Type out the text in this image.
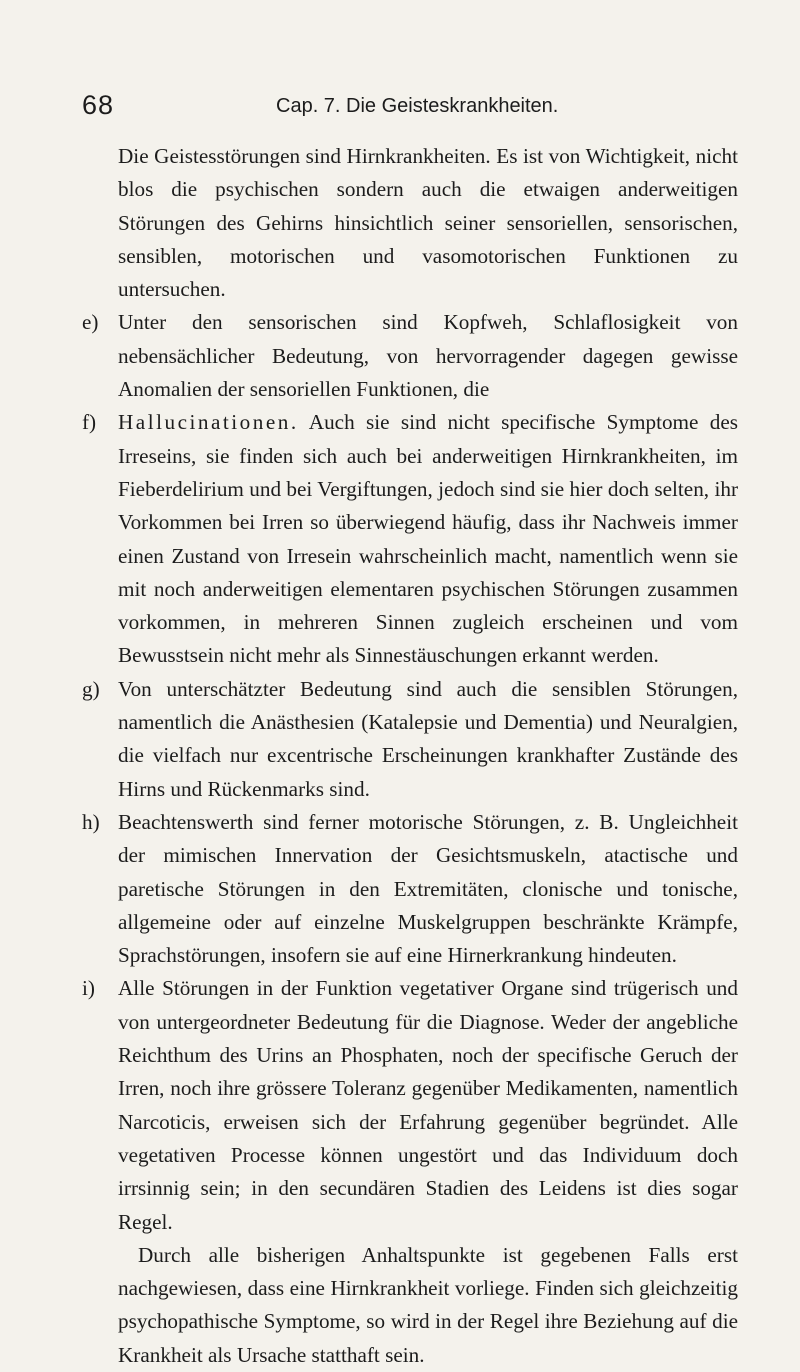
68	Cap. 7. Die Geisteskrankheiten.

Die Geistesstörungen sind Hirnkrankheiten. Es ist von Wichtigkeit, nicht blos die psychischen sondern auch die etwaigen anderweitigen Störungen des Gehirns hinsichtlich seiner sensoriellen, sensorischen, sensiblen, motorischen und vasomotorischen Funktionen zu untersuchen.

e) Unter den sensorischen sind Kopfweh, Schlaflosigkeit von nebensächlicher Bedeutung, von hervorragender dagegen gewisse Anomalien der sensoriellen Funktionen, die
f)	Hallucinationen. Auch sie sind nicht specifische Symptome des Irreseins, sie finden sich auch bei anderweitigen Hirnkrankheiten, im Fieberdelirium und bei Vergiftungen, jedoch sind sie hier doch selten, ihr Vorkommen bei Irren so überwiegend häufig, dass ihr Nachweis immer einen Zustand von Irresein wahrscheinlich macht, namentlich wenn sie mit noch anderweitigen elementaren psychischen Störungen zusammen vorkommen, in mehreren Sinnen zugleich erscheinen und vom Bewusstsein nicht mehr als Sinnestäuschungen erkannt werden.
g) Von unterschätzter Bedeutung sind auch die sensiblen Störungen, namentlich die Anästhesien (Katalepsie und Dementia) und Neuralgien, die vielfach nur excentrische Erscheinungen krankhafter Zustände des Hirns und Rückenmarks sind.
h) Beachtenswerth sind ferner motorische Störungen, z. B. Ungleichheit der mimischen Innervation der Gesichtsmuskeln, atactische und paretische Störungen in den Extremitäten, clonische und tonische, allgemeine oder auf einzelne Muskelgruppen beschränkte Krämpfe, Sprachstörungen, insofern sie auf eine Hirnerkrankung hindeuten.
i)	Alle Störungen in der Funktion vegetativer Organe sind trügerisch und von untergeordneter Bedeutung für die Diagnose. Weder der angebliche Reichthum des Urins an Phosphaten, noch der specifische Geruch der Irren, noch ihre grössere Toleranz gegenüber Medikamenten, namentlich Narcoticis, erweisen sich der Erfahrung gegenüber begründet. Alle vegetativen Processe können ungestört und das Individuum doch irrsinnig sein; in den secundären Stadien des Leidens ist dies sogar Regel.

Durch alle bisherigen Anhaltspunkte ist gegebenen Falls erst nachgewiesen, dass eine Hirnkrankheit vorliege. Finden sich gleichzeitig psychopathische Symptome, so wird in der Regel ihre Beziehung auf die Krankheit als Ursache statthaft sein.
